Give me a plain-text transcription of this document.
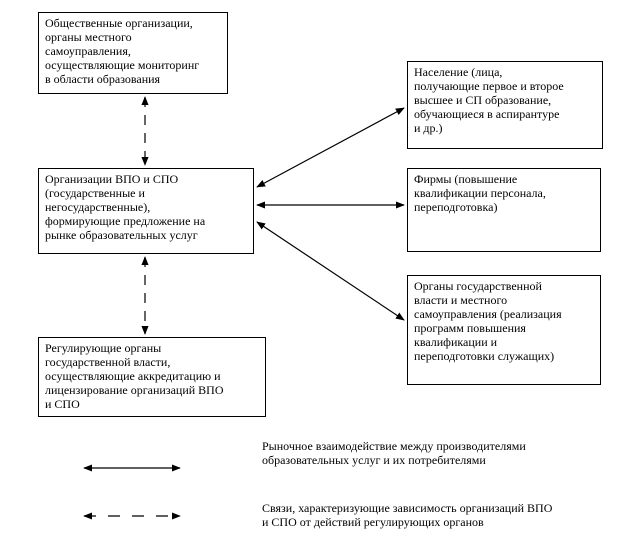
Общественные организации,
органы местного
самоуправления,
осуществляющие мониторинг
в области образования
Организации ВПО и СПО
(государственные и
негосударственные),
формирующие предложение на
рынке образовательных услуг
Регулирующие органы
государственной власти,
осуществляющие аккредитацию и
лицензирование организаций ВПО
и СПО
Население (лица,
получающие первое и второе
высшее и СП образование,
обучающиеся в аспирантуре
и др.)
Фирмы (повышение
квалификации персонала,
переподготовка)
Органы государственной
власти и местного
самоуправления (реализация
программ повышения
квалификации и
переподготовки служащих)
Рыночное взаимодействие между производителями
образовательных услуг и их потребителями
Связи, характеризующие зависимость организаций ВПО
и СПО от действий регулирующих органов
